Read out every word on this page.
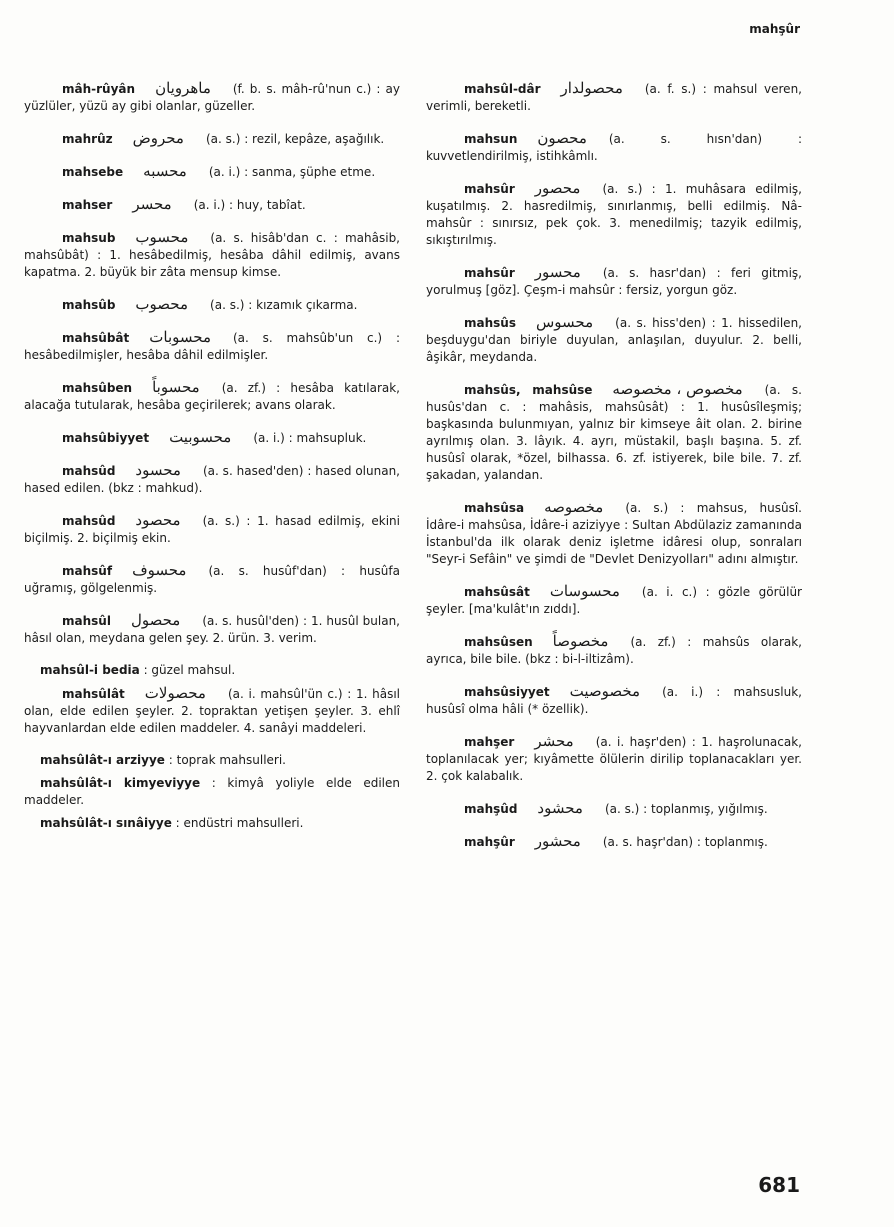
mahşûr
mâh-rûyân ماهرويان (f. b. s. mâh-rû'nun c.) : ay yüzlüler, yüzü ay gibi olanlar, güzeller.
mahrûz محروض (a. s.) : rezil, kepâze, aşağılık.
mahsebe محسبه (a. i.) : sanma, şüphe etme.
mahser محسر (a. i.) : huy, tabîat.
mahsub محسوب (a. s. hisâb'dan c. : mahâsib, mahsûbât) : 1. hesâbedilmiş, hesâba dâhil edilmiş, avans kapatma. 2. büyük bir zâta mensup kimse.
mahsûb محصوب (a. s.) : kızamık çıkarma.
mahsûbât محسوبات (a. s. mahsûb'un c.) : hesâbedilmişler, hesâba dâhil edilmişler.
mahsûben محسوباً (a. zf.) : hesâba katılarak, alacağa tutularak, hesâba geçirilerek; avans olarak.
mahsûbiyyet محسوبيت (a. i.) : mahsupluk.
mahsûd محسود (a. s. hased'den) : hased olunan, hased edilen. (bkz : mahkud).
mahsûd محصود (a. s.) : 1. hasad edilmiş, ekini biçilmiş. 2. biçilmiş ekin.
mahsûf محسوف (a. s. husûf'dan) : husûfa uğramış, gölgelenmiş.
mahsûl محصول (a. s. husûl'den) : 1. husûl bulan, hâsıl olan, meydana gelen şey. 2. ürün. 3. verim.
mahsûl-i bedia : güzel mahsul.
mahsûlât محصولات (a. i. mahsûl'ün c.) : 1. hâsıl olan, elde edilen şeyler. 2. topraktan yetişen şeyler. 3. ehlî hayvanlardan elde edilen maddeler. 4. sanâyi maddeleri.
mahsûlât-ı arziyye : toprak mahsulleri.
mahsûlât-ı kimyeviyye : kimyâ yoliyle elde edilen maddeler.
mahsûlât-ı sınâiyye : endüstri mahsulleri.
mahsûl-dâr محصولدار (a. f. s.) : mahsul veren, verimli, bereketli.
mahsun محصون (a. s. hısn'dan) : kuvvetlendirilmiş, istihkâmlı.
mahsûr محصور (a. s.) : 1. muhâsara edilmiş, kuşatılmış. 2. hasredilmiş, sınırlanmış, belli edilmiş. Nâ-mahsûr : sınırsız, pek çok. 3. menedilmiş; tazyik edilmiş, sıkıştırılmış.
mahsûr محسور (a. s. hasr'dan) : feri gitmiş, yorulmuş [göz]. Çeşm-i mahsûr : fersiz, yorgun göz.
mahsûs محسوس (a. s. hiss'den) : 1. hissedilen, beşduygu'dan biriyle duyulan, anlaşılan, duyulur. 2. belli, âşikâr, meydanda.
mahsûs, mahsûse مخصوص ، مخصوصه (a. s. husûs'dan c. : mahâsis, mahsûsât) : 1. husûsîleşmiş; başkasında bulunmıyan, yalnız bir kimseye âit olan. 2. birine ayrılmış olan. 3. lâyık. 4. ayrı, müstakil, başlı başına. 5. zf. husûsî olarak, *özel, bilhassa. 6. zf. istiyerek, bile bile. 7. zf. şakadan, yalandan.
mahsûsa مخصوصه (a. s.) : mahsus, husûsî. İdâre-i mahsûsa, İdâre-i aziziyye : Sultan Abdülaziz zamanında İstanbul'da ilk olarak deniz işletme idâresi olup, sonraları "Seyr-i Sefâin" ve şimdi de "Devlet Denizyolları" adını almıştır.
mahsûsât محسوسات (a. i. c.) : gözle görülür şeyler. [ma'kulât'ın zıddı].
mahsûsen مخصوصاً (a. zf.) : mahsûs olarak, ayrıca, bile bile. (bkz : bi-l-iltizâm).
mahsûsiyyet مخصوصيت (a. i.) : mahsusluk, husûsî olma hâli (* özellik).
mahşer محشر (a. i. haşr'den) : 1. haşrolunacak, toplanılacak yer; kıyâmette ölülerin dirilip toplanacakları yer. 2. çok kalabalık.
mahşûd محشود (a. s.) : toplanmış, yığılmış.
mahşûr محشور (a. s. haşr'dan) : toplanmış.
681
